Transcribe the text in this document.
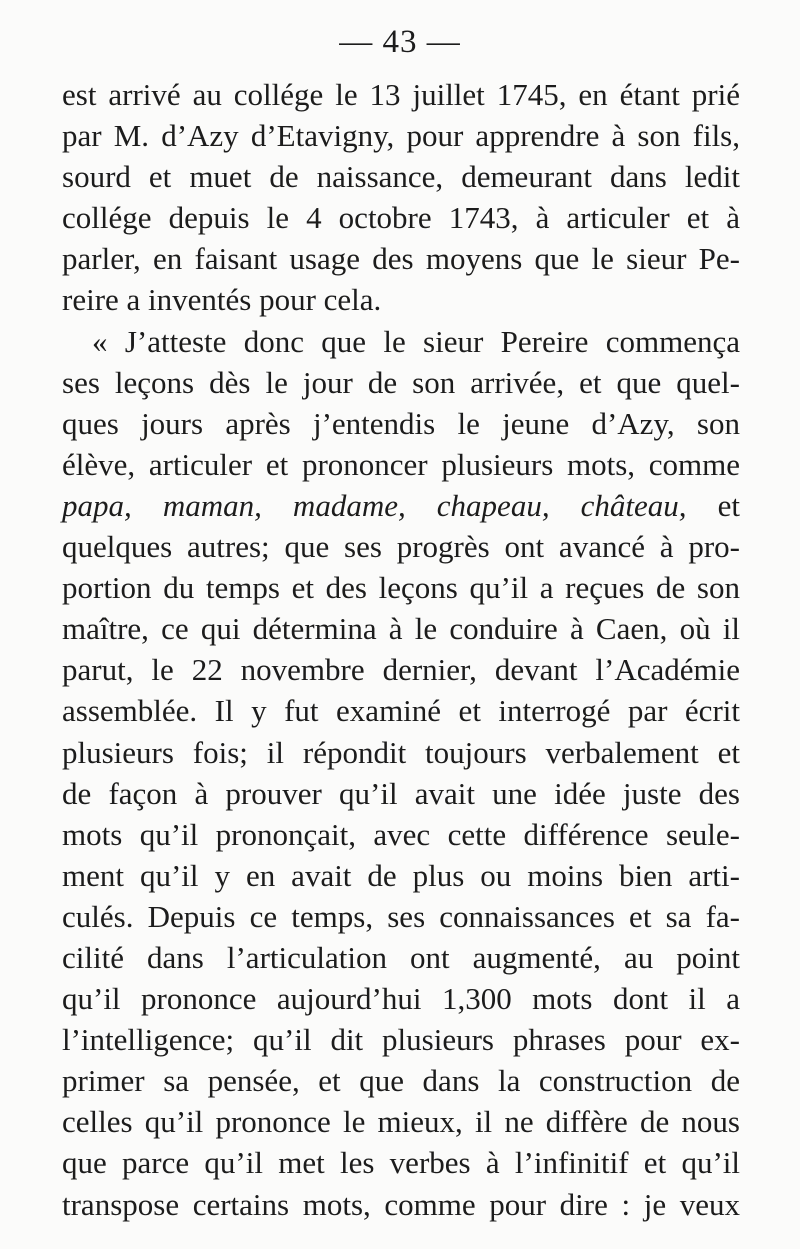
— 43 —
est arrivé au collége le 13 juillet 1745, en étant prié
par M. d’Azy d’Etavigny, pour apprendre à son fils,
sourd et muet de naissance, demeurant dans ledit
collége depuis le 4 octobre 1743, à articuler et à
parler, en faisant usage des moyens que le sieur Pe-
reire a inventés pour cela.
« J’atteste donc que le sieur Pereire commença
ses leçons dès le jour de son arrivée, et que quel-
ques jours après j’entendis le jeune d’Azy, son
élève, articuler et prononcer plusieurs mots, comme
papa, maman, madame, chapeau, château, et
quelques autres; que ses progrès ont avancé à pro-
portion du temps et des leçons qu’il a reçues de son
maître, ce qui détermina à le conduire à Caen, où il
parut, le 22 novembre dernier, devant l’Académie
assemblée. Il y fut examiné et interrogé par écrit
plusieurs fois; il répondit toujours verbalement et
de façon à prouver qu’il avait une idée juste des
mots qu’il prononçait, avec cette différence seule-
ment qu’il y en avait de plus ou moins bien arti-
culés. Depuis ce temps, ses connaissances et sa fa-
cilité dans l’articulation ont augmenté, au point
qu’il prononce aujourd’hui 1,300 mots dont il a
l’intelligence; qu’il dit plusieurs phrases pour ex-
primer sa pensée, et que dans la construction de
celles qu’il prononce le mieux, il ne diffère de nous
que parce qu’il met les verbes à l’infinitif et qu’il
transpose certains mots, comme pour dire : je veux
